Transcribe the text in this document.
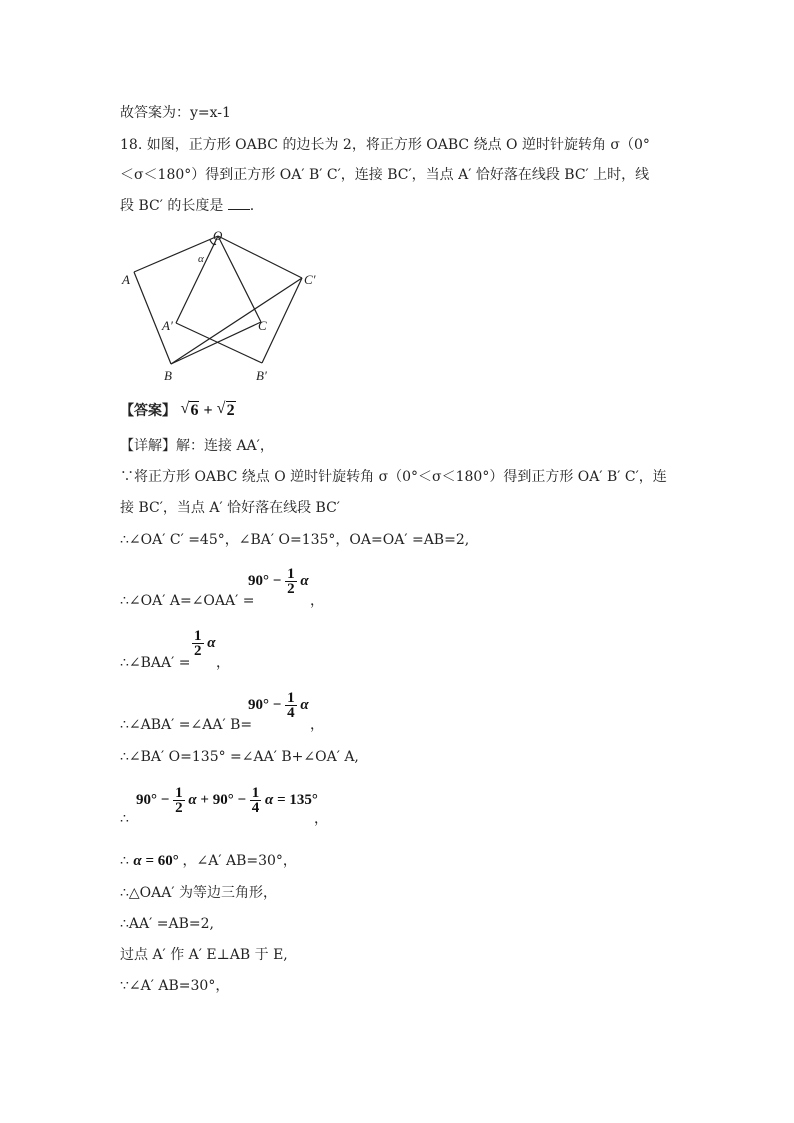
故答案为：y=x-1
18. 如图，正方形 OABC 的边长为 2，将正方形 OABC 绕点 O 逆时针旋转角 σ（0°
＜σ＜180°）得到正方形 OA′ B′ C′，连接 BC′，当点 A′ 恰好落在线段 BC′ 上时，线
段 BC′ 的长度是 .
O
A
B
C
A′
B′
C′
α
【答案】 √ 6 + √ 2
【详解】解：连接 AA′，
∵将正方形 OABC 绕点 O 逆时针旋转角 σ（0°＜σ＜180°）得到正方形 OA′ B′ C′，连
接 BC′，当点 A′ 恰好落在线段 BC′
∴∠OA′ C′ =45°，∠BA′ O=135°，OA=OA′ =AB=2,
∴∠OA′ A=∠OAA′ =
$90^\circ - \frac{1}{2}$ α
，
∴∠BAA′ =
$\frac{1}{2}$ α
，
∴∠ABA′ =∠AA′ B=
$90^\circ - \frac{1}{4}$ α
，
∴∠BA′ O=135° =∠AA′ B+∠OA′ A,
∴
$90^\circ - \frac{1}{2}$ $\alpha + 90^\circ - \frac{1}{4}$ α = 135°
，
∴ α = 60° ，∠A′ AB=30°，
∴△OAA′ 为等边三角形，
∴AA′ =AB=2,
过点 A′ 作 A′ E⊥AB 于 E,
∵∠A′ AB=30°，
